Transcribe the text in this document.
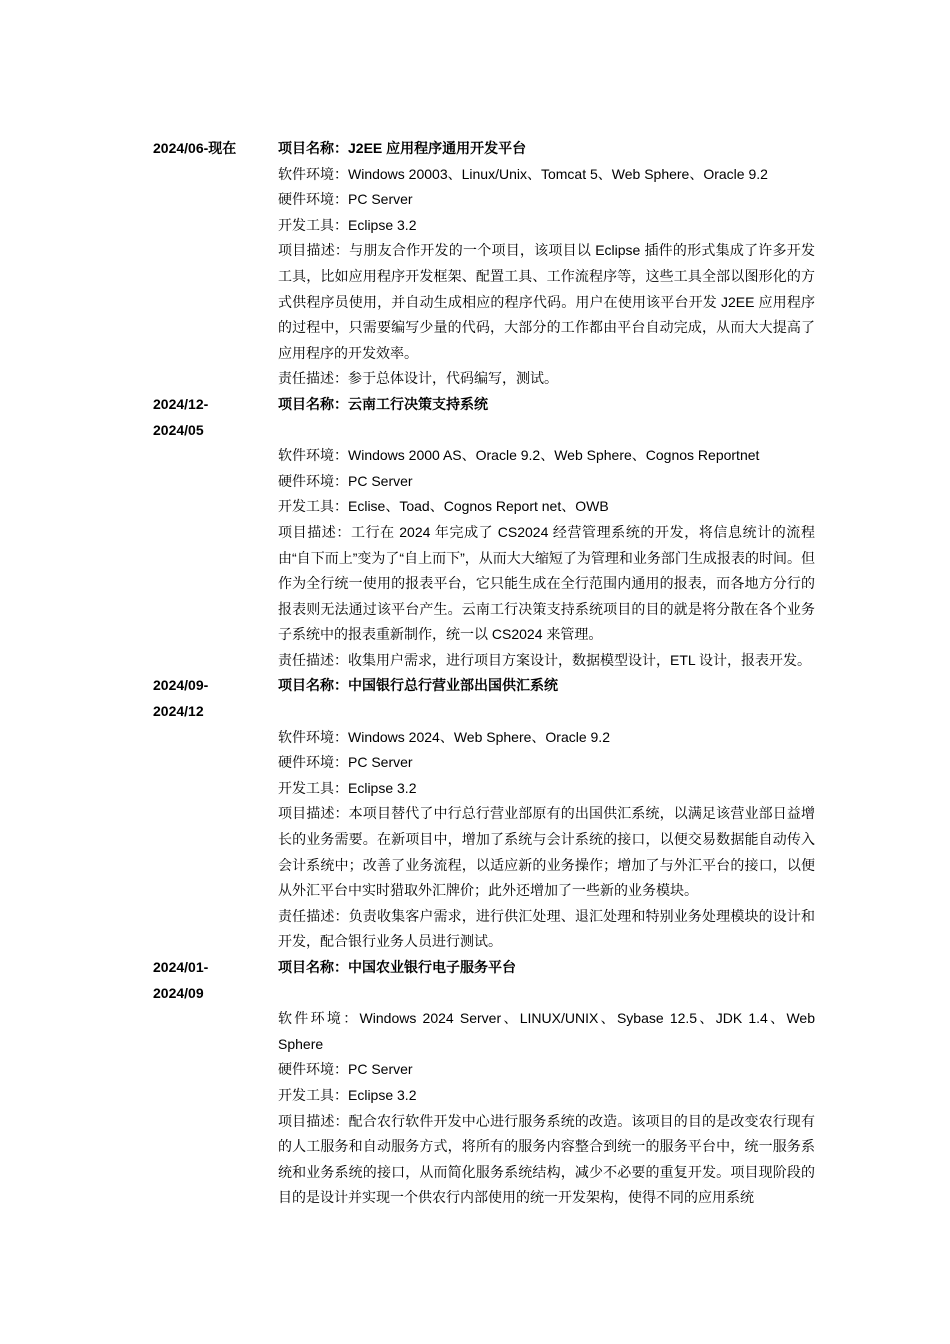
2024/06-现在	项目名称：J2EE 应用程序通用开发平台

软件环境：Windows 20003、Linux/Unix、Tomcat 5、Web Sphere、Oracle 9.2

硬件环境：PC Server

开发工具：Eclipse 3.2

项目描述：与朋友合作开发的一个项目，该项目以 Eclipse 插件的形式集成了许多开发工具，比如应用程序开发框架、配置工具、工作流程序等，这些工具全部以图形化的方式供程序员使用，并自动生成相应的程序代码。用户在使用该平台开发 J2EE 应用程序的过程中，只需要编写少量的代码，大部分的工作都由平台自动完成，从而大大提高了应用程序的开发效率。

责任描述：参于总体设计，代码编写，测试。

2024/12-
2024/05

项目名称：云南工行决策支持系统

软件环境：Windows 2000 AS、Oracle 9.2、Web Sphere、Cognos Reportnet

硬件环境：PC Server

开发工具：Eclise、Toad、Cognos Report net、OWB

项目描述：工行在 2024 年完成了 CS2024 经营管理系统的开发，将信息统计的流程由“自下而上”变为了“自上而下”，从而大大缩短了为管理和业务部门生成报表的时间。但作为全行统一使用的报表平台，它只能生成在全行范围内通用的报表，而各地方分行的报表则无法通过该平台产生。云南工行决策支持系统项目的目的就是将分散在各个业务子系统中的报表重新制作，统一以 CS2024 来管理。

责任描述：收集用户需求，进行项目方案设计，数据模型设计，ETL 设计，报表开发。

2024/09-
2024/12

项目名称：中国银行总行营业部出国供汇系统

软件环境：Windows 2024、Web Sphere、Oracle 9.2

硬件环境：PC Server

开发工具：Eclipse 3.2

项目描述：本项目替代了中行总行营业部原有的出国供汇系统，以满足该营业部日益增长的业务需要。在新项目中，增加了系统与会计系统的接口，以便交易数据能自动传入会计系统中；改善了业务流程，以适应新的业务操作；增加了与外汇平台的接口，以便从外汇平台中实时猎取外汇牌价；此外还增加了一些新的业务模块。

责任描述：负责收集客户需求，进行供汇处理、退汇处理和特别业务处理模块的设计和开发，配合银行业务人员进行测试。

2024/01-
2024/09

项目名称：中国农业银行电子服务平台

软件环境：Windows 2024 Server、LINUX/UNIX、Sybase 12.5、JDK 1.4、Web Sphere

硬件环境：PC Server

开发工具：Eclipse 3.2

项目描述：配合农行软件开发中心进行服务系统的改造。该项目的目的是改变农行现有的人工服务和自动服务方式，将所有的服务内容整合到统一的服务平台中，统一服务系统和业务系统的接口，从而简化服务系统结构，减少不必要的重复开发。项目现阶段的目的是设计并实现一个供农行内部使用的统一开发架构，使得不同的应用系统
